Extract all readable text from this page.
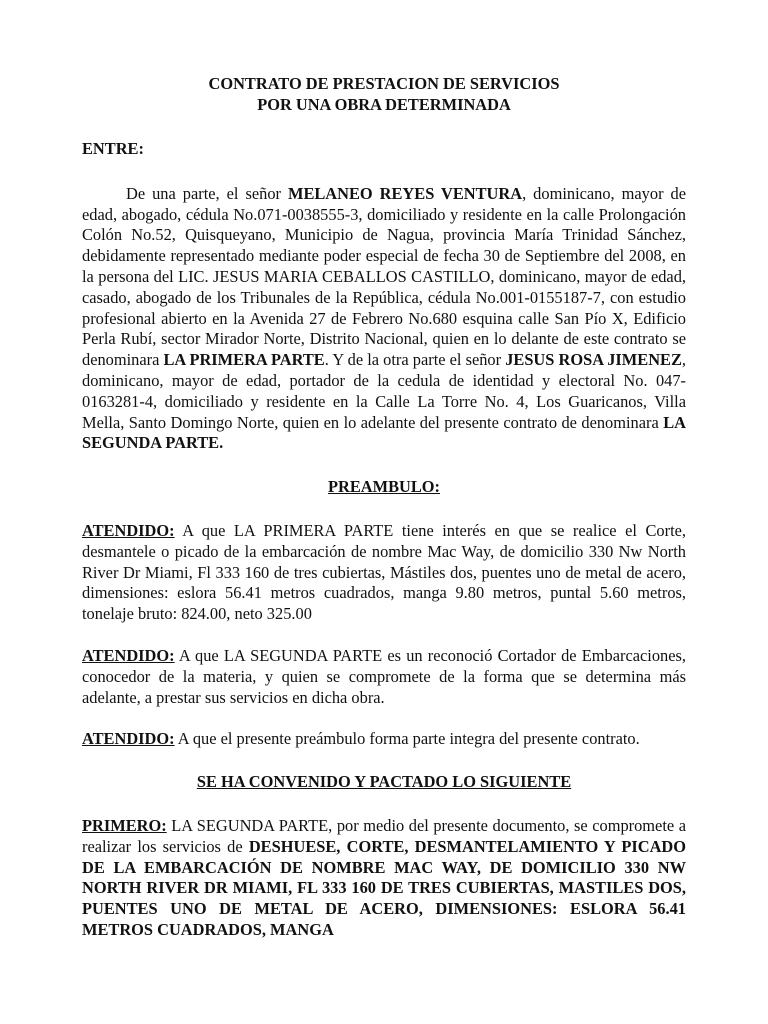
CONTRATO DE PRESTACION DE SERVICIOS

POR UNA OBRA DETERMINADA

ENTRE:

De una parte, el señor MELANEO REYES VENTURA, dominicano, mayor de edad, abogado, cédula No.071-0038555-3, domiciliado y residente en la calle Prolongación Colón No.52, Quisqueyano, Municipio de Nagua, provincia María Trinidad Sánchez, debidamente representado mediante poder especial de fecha 30 de Septiembre del 2008, en la persona del LIC. JESUS MARIA CEBALLOS CASTILLO, dominicano, mayor de edad, casado, abogado de los Tribunales de la República, cédula No.001-0155187-7, con estudio profesional abierto en la Avenida 27 de Febrero No.680 esquina calle San Pío X, Edificio Perla Rubí, sector Mirador Norte, Distrito Nacional, quien en lo delante de este contrato se denominara LA PRIMERA PARTE. Y de la otra parte el señor JESUS ROSA JIMENEZ, dominicano, mayor de edad, portador de la cedula de identidad y electoral No. 047-0163281-4, domiciliado y residente en la Calle La Torre No. 4, Los Guaricanos, Villa Mella, Santo Domingo Norte, quien en lo adelante del presente contrato de denominara LA SEGUNDA PARTE.

PREAMBULO:

ATENDIDO: A que LA PRIMERA PARTE tiene interés en que se realice el Corte, desmantele o picado de la embarcación de nombre Mac Way, de domicilio 330 Nw North River Dr Miami, Fl 333 160 de tres cubiertas, Mástiles dos, puentes uno de metal de acero, dimensiones: eslora 56.41 metros cuadrados, manga 9.80 metros, puntal 5.60 metros, tonelaje bruto: 824.00, neto 325.00

ATENDIDO: A que LA SEGUNDA PARTE es un reconoció Cortador de Embarcaciones, conocedor de la materia, y quien se compromete de la forma que se determina más adelante, a prestar sus servicios en dicha obra.

ATENDIDO: A que el presente preámbulo forma parte integra del presente contrato.

SE HA CONVENIDO Y PACTADO LO SIGUIENTE

PRIMERO: LA SEGUNDA PARTE, por medio del presente documento, se compromete a realizar los servicios de DESHUESE, CORTE, DESMANTELAMIENTO Y PICADO DE LA EMBARCACIÓN DE NOMBRE MAC WAY, DE DOMICILIO 330 NW NORTH RIVER DR MIAMI, FL 333 160 DE TRES CUBIERTAS, MASTILES DOS, PUENTES UNO DE METAL DE ACERO, DIMENSIONES: ESLORA 56.41 METROS CUADRADOS, MANGA
